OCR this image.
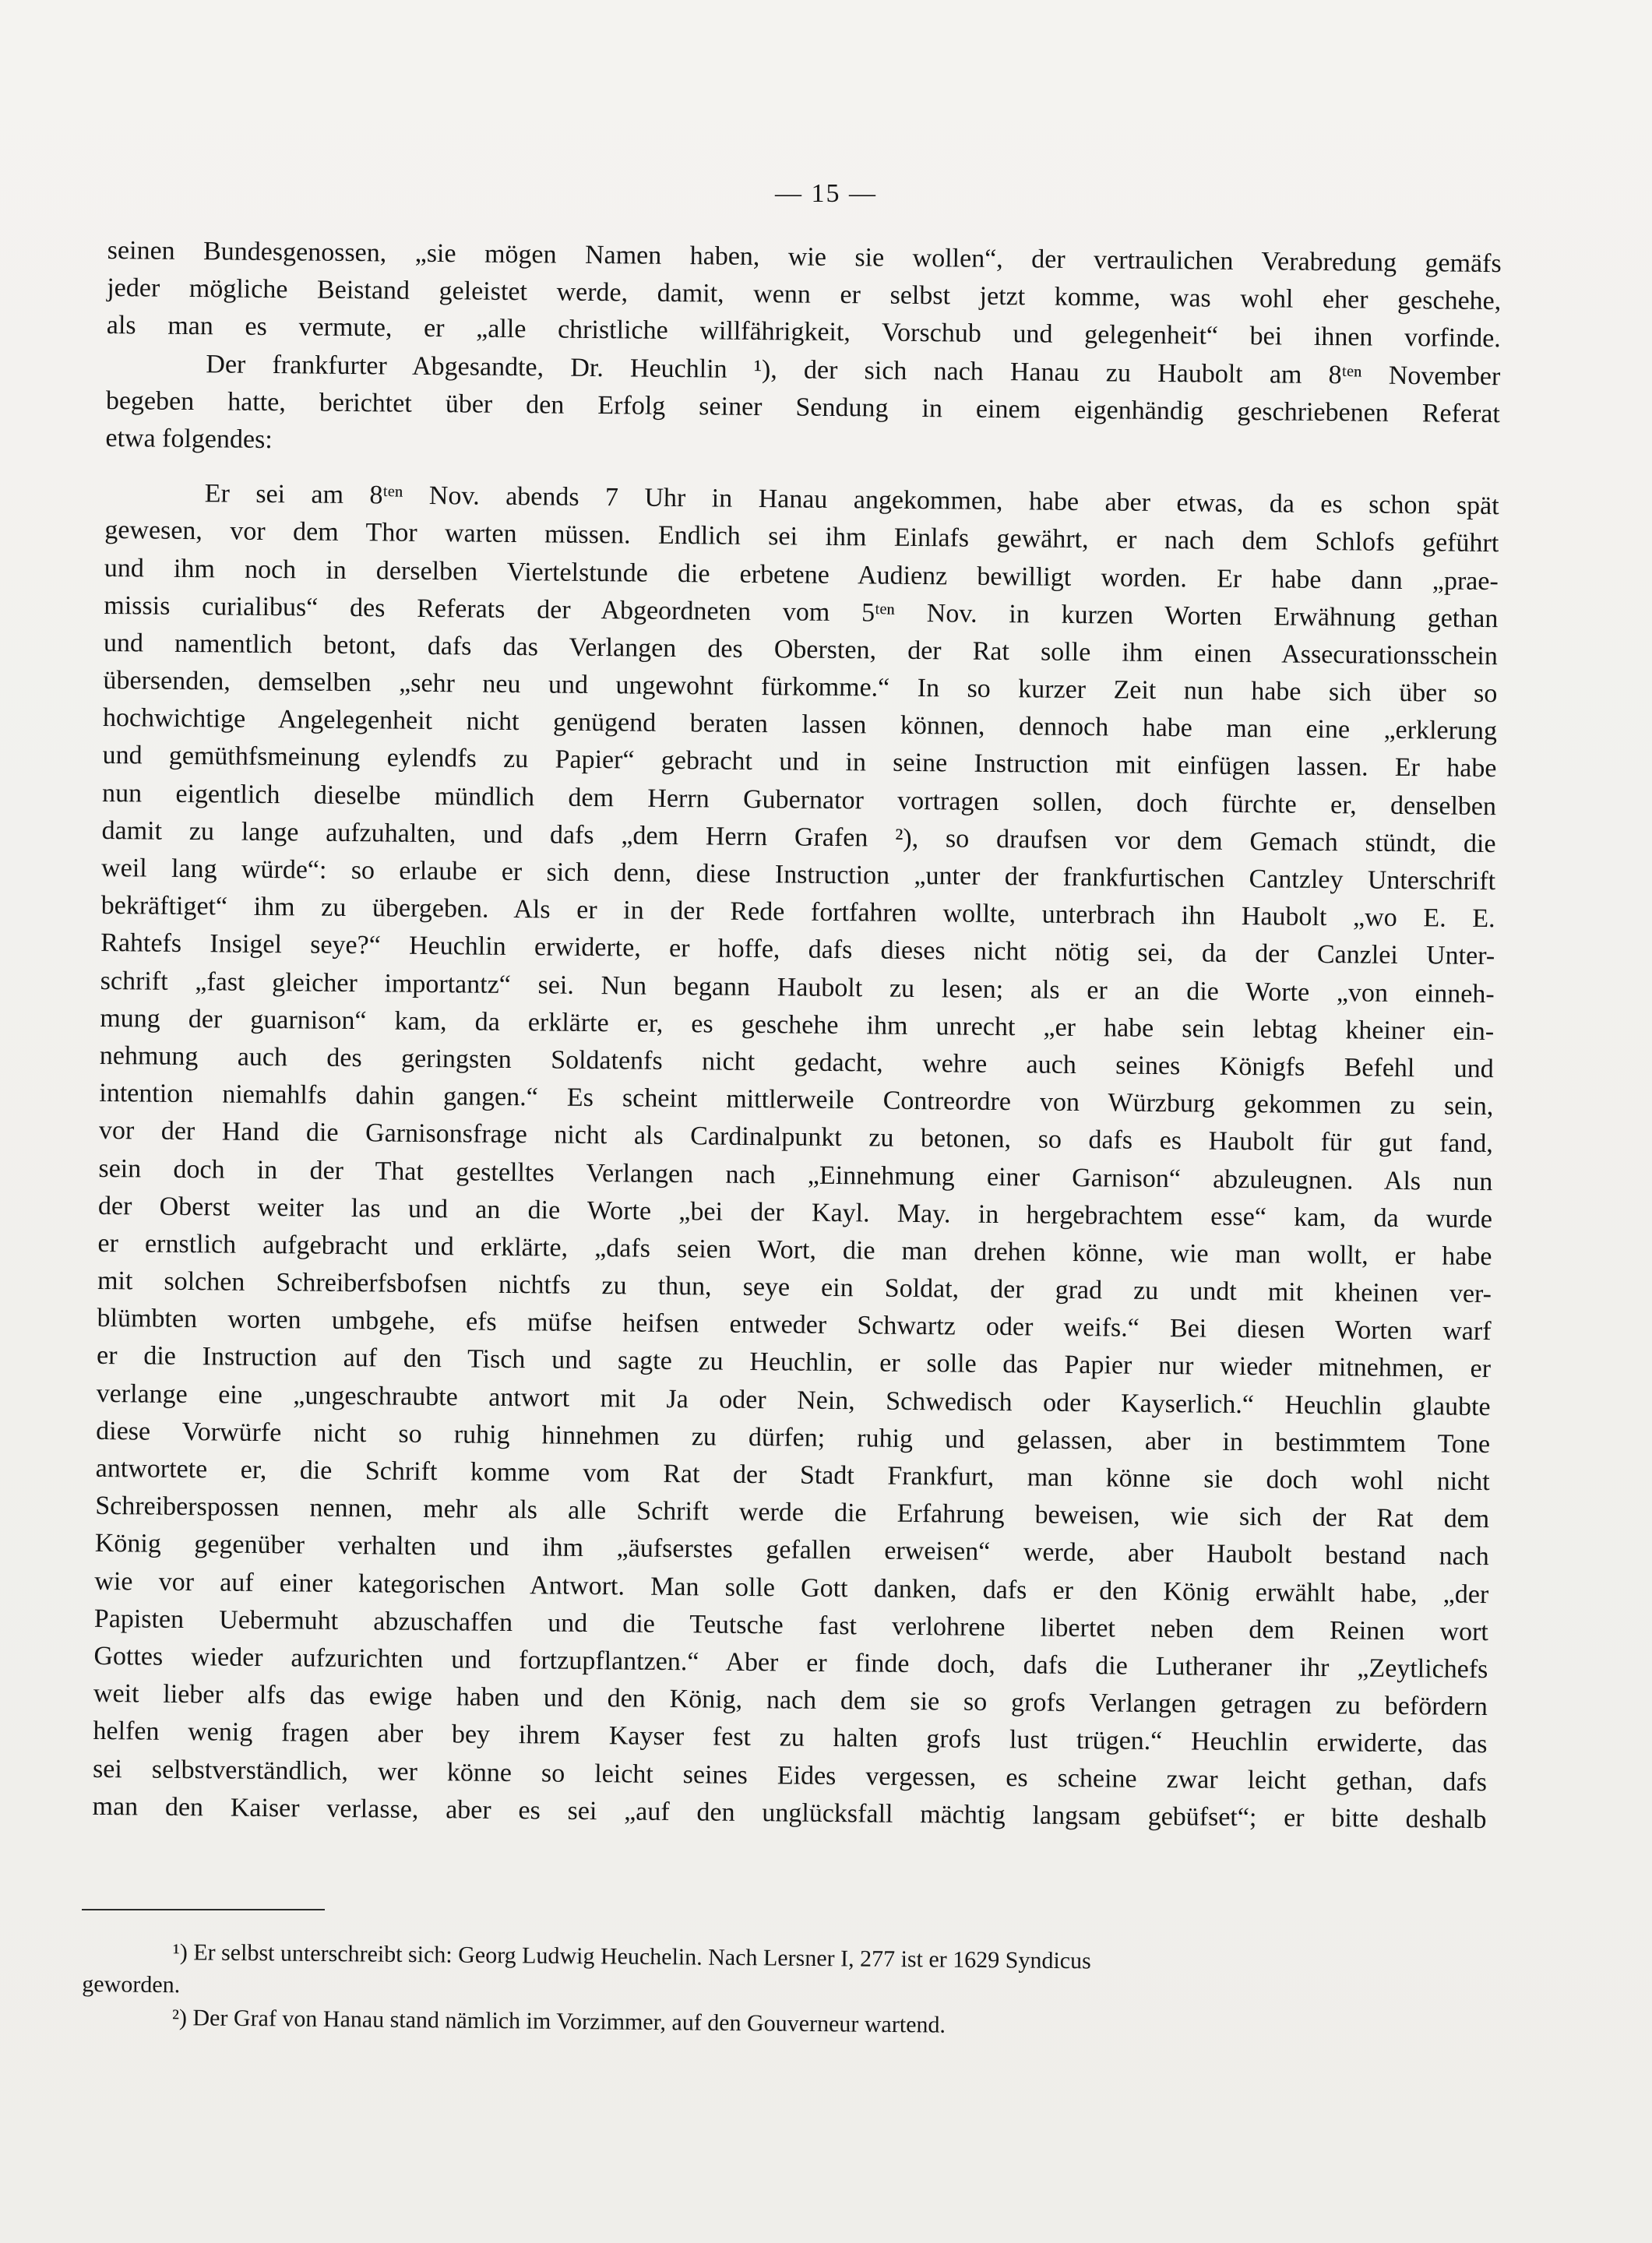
— 15 —
seinen Bundesgenossen, „sie mögen Namen haben, wie sie wollen“, der vertraulichen Verabredung gemäfs
jeder mögliche Beistand geleistet werde, damit, wenn er selbst jetzt komme, was wohl eher geschehe,
als man es vermute, er „alle christliche willfährigkeit, Vorschub und gelegenheit“ bei ihnen vorfinde.
Der frankfurter Abgesandte, Dr. Heuchlin ¹), der sich nach Hanau zu Haubolt am 8ᵗᵉⁿ November
begeben hatte, berichtet über den Erfolg seiner Sendung in einem eigenhändig geschriebenen Referat
etwa folgendes:
Er sei am 8ᵗᵉⁿ Nov. abends 7 Uhr in Hanau angekommen, habe aber etwas, da es schon spät
gewesen, vor dem Thor warten müssen. Endlich sei ihm Einlafs gewährt, er nach dem Schlofs geführt
und ihm noch in derselben Viertelstunde die erbetene Audienz bewilligt worden. Er habe dann „prae-
missis curialibus“ des Referats der Abgeordneten vom 5ᵗᵉⁿ Nov. in kurzen Worten Erwähnung gethan
und namentlich betont, dafs das Verlangen des Obersten, der Rat solle ihm einen Assecurationsschein
übersenden, demselben „sehr neu und ungewohnt fürkomme.“ In so kurzer Zeit nun habe sich über so
hochwichtige Angelegenheit nicht genügend beraten lassen können, dennoch habe man eine „erklerung
und gemüthfsmeinung eylendfs zu Papier“ gebracht und in seine Instruction mit einfügen lassen. Er habe
nun eigentlich dieselbe mündlich dem Herrn Gubernator vortragen sollen, doch fürchte er, denselben
damit zu lange aufzuhalten, und dafs „dem Herrn Grafen ²), so draufsen vor dem Gemach stündt, die
weil lang würde“: so erlaube er sich denn, diese Instruction „unter der frankfurtischen Cantzley Unterschrift
bekräftiget“ ihm zu übergeben. Als er in der Rede fortfahren wollte, unterbrach ihn Haubolt „wo E. E.
Rahtefs Insigel seye?“ Heuchlin erwiderte, er hoffe, dafs dieses nicht nötig sei, da der Canzlei Unter-
schrift „fast gleicher importantz“ sei. Nun begann Haubolt zu lesen; als er an die Worte „von einneh-
mung der guarnison“ kam, da erklärte er, es geschehe ihm unrecht „er habe sein lebtag kheiner ein-
nehmung auch des geringsten Soldatenfs nicht gedacht, wehre auch seines Königfs Befehl und
intention niemahlfs dahin gangen.“ Es scheint mittlerweile Contreordre von Würzburg gekommen zu sein,
vor der Hand die Garnisonsfrage nicht als Cardinalpunkt zu betonen, so dafs es Haubolt für gut fand,
sein doch in der That gestelltes Verlangen nach „Einnehmung einer Garnison“ abzuleugnen. Als nun
der Oberst weiter las und an die Worte „bei der Kayl. May. in hergebrachtem esse“ kam, da wurde
er ernstlich aufgebracht und erklärte, „dafs seien Wort, die man drehen könne, wie man wollt, er habe
mit solchen Schreiberfsbofsen nichtfs zu thun, seye ein Soldat, der grad zu undt mit kheinen ver-
blümbten worten umbgehe, efs müfse heifsen entweder Schwartz oder weifs.“ Bei diesen Worten warf
er die Instruction auf den Tisch und sagte zu Heuchlin, er solle das Papier nur wieder mitnehmen, er
verlange eine „ungeschraubte antwort mit Ja oder Nein, Schwedisch oder Kayserlich.“ Heuchlin glaubte
diese Vorwürfe nicht so ruhig hinnehmen zu dürfen; ruhig und gelassen, aber in bestimmtem Tone
antwortete er, die Schrift komme vom Rat der Stadt Frankfurt, man könne sie doch wohl nicht
Schreiberspossen nennen, mehr als alle Schrift werde die Erfahrung beweisen, wie sich der Rat dem
König gegenüber verhalten und ihm „äufserstes gefallen erweisen“ werde, aber Haubolt bestand nach
wie vor auf einer kategorischen Antwort. Man solle Gott danken, dafs er den König erwählt habe, „der
Papisten Uebermuht abzuschaffen und die Teutsche fast verlohrene libertet neben dem Reinen wort
Gottes wieder aufzurichten und fortzupflantzen.“ Aber er finde doch, dafs die Lutheraner ihr „Zeytlichefs
weit lieber alfs das ewige haben und den König, nach dem sie so grofs Verlangen getragen zu befördern
helfen wenig fragen aber bey ihrem Kayser fest zu halten grofs lust trügen.“ Heuchlin erwiderte, das
sei selbstverständlich, wer könne so leicht seines Eides vergessen, es scheine zwar leicht gethan, dafs
man den Kaiser verlasse, aber es sei „auf den unglücksfall mächtig langsam gebüfset“; er bitte deshalb
¹) Er selbst unterschreibt sich: Georg Ludwig Heuchelin. Nach Lersner I, 277 ist er 1629 Syndicus
geworden.
²) Der Graf von Hanau stand nämlich im Vorzimmer, auf den Gouverneur wartend.
